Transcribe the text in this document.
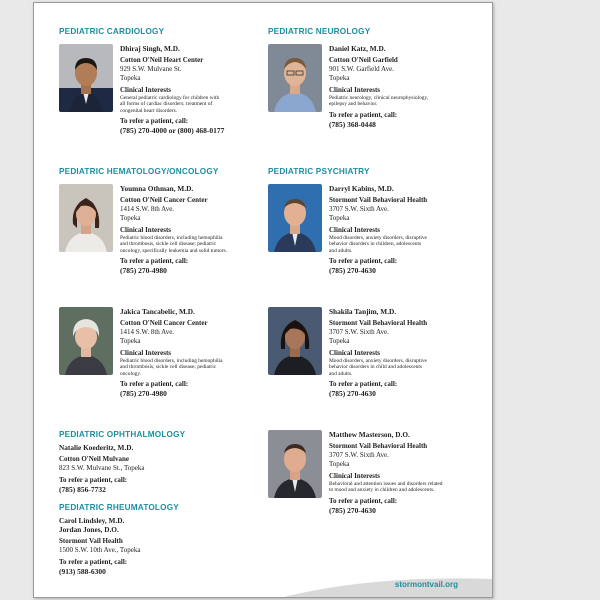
PEDIATRIC CARDIOLOGY	PEDIATRIC NEUROLOGY
PEDIATRIC HEMATOLOGY/ONCOLOGY	PEDIATRIC PSYCHIATRY
PEDIATRIC OPHTHALMOLOGY
PEDIATRIC RHEUMATOLOGY
Dhiraj Singh, M.D.
Cotton O'Neil Heart Center
929 S.W. Mulvane St.
Topeka
Clinical Interests
General pediatric cardiology for children with
all forms of cardiac disorders; treatment of
congenital heart disorders.
To refer a patient, call:
(785) 270-4000 or (800) 468-0177
Daniel Katz, M.D.
Cotton O'Neil Garfield
901 S.W. Garfield Ave.
Topeka
Clinical Interests
Pediatric neurology, clinical neurophysiology,
epilepsy and behavior.
To refer a patient, call:
(785) 368-0448
Youmna Othman, M.D.
Cotton O'Neil Cancer Center
1414 S.W. 8th Ave.
Topeka
Clinical Interests
Pediatric blood disorders, including hemophilia
and thrombosis, sickle cell disease; pediatric
oncology, specifically leukemia and solid tumors.
To refer a patient, call:
(785) 270-4980
Darryl Kabins, M.D.
Stormont Vail Behavioral Health
3707 S.W. Sixth Ave.
Topeka
Clinical Interests
Mood disorders, anxiety disorders, disruptive
behavior disorders in children, adolescents
and adults.
To refer a patient, call:
(785) 270-4630
Jakica Tancabelic, M.D.
Cotton O'Neil Cancer Center
1414 S.W. 8th Ave.
Topeka
Clinical Interests
Pediatric blood disorders, including hemophilia
and thrombosis, sickle cell disease; pediatric
oncology.
To refer a patient, call:
(785) 270-4980
Shakila Tanjim, M.D.
Stormont Vail Behavioral Health
3707 S.W. Sixth Ave.
Topeka
Clinical Interests
Mood disorders, anxiety disorders, disruptive
behavior disorders in child and adolescents
and adults.
To refer a patient, call:
(785) 270-4630
Natalie Koederitz, M.D.
Cotton O'Neil Mulvane
823 S.W. Mulvane St., Topeka
To refer a patient, call:
(785) 856-7732
Matthew Masterson, D.O.
Stormont Vail Behavioral Health
3707 S.W. Sixth Ave.
Topeka
Clinical Interests
Behavioral and attention issues and disorders related
to mood and anxiety in children and adolescents.
To refer a patient, call:
(785) 270-4630
Carol Lindsley, M.D.
Jordan Jones, D.O.
Stormont Vail Health
1500 S.W. 10th Ave., Topeka
To refer a patient, call:
(913) 588-6300
stormontvail.org
